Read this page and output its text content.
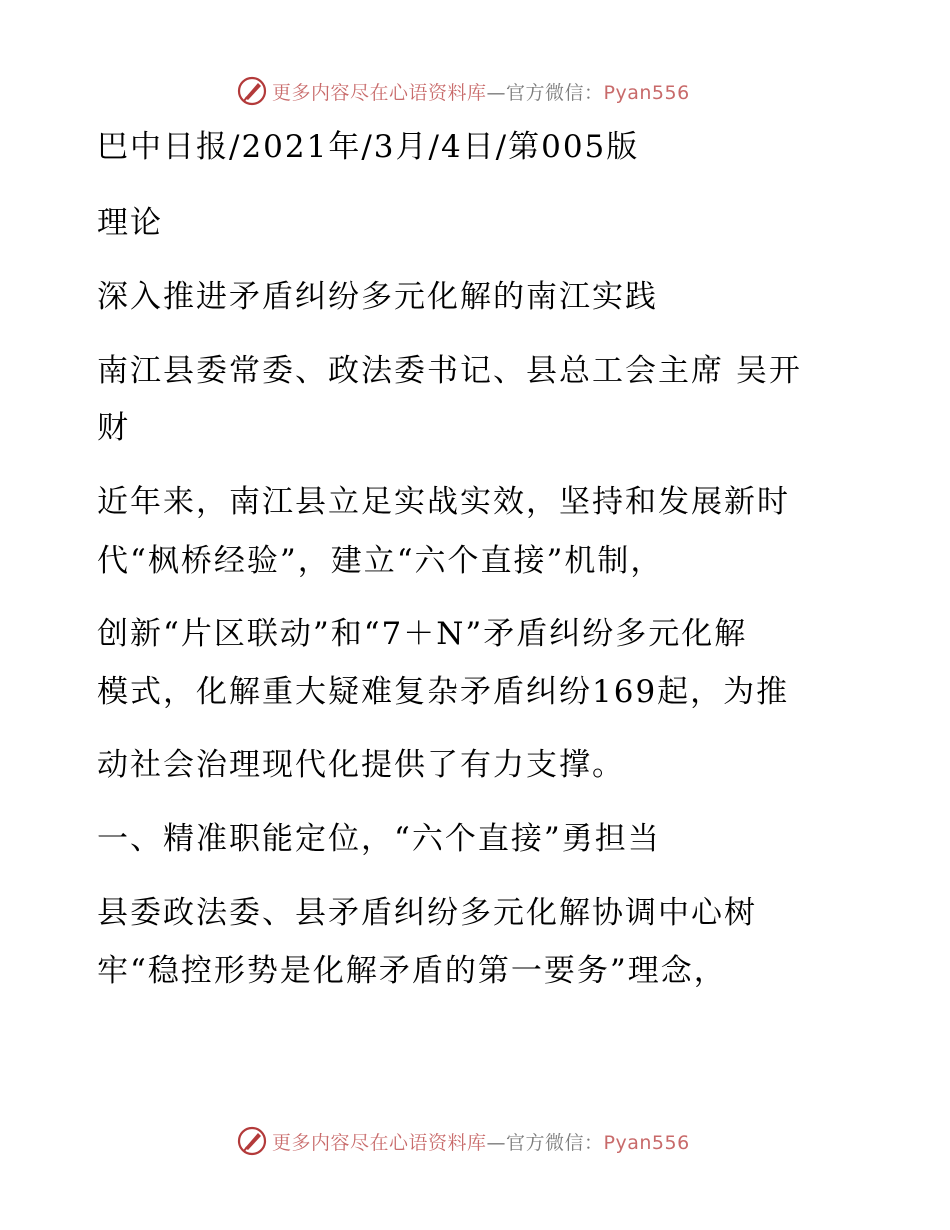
更多内容尽在心语资料库—官方微信：Pyan556
巴中日报/2021年/3月/4日/第005版
理论
深入推进矛盾纠纷多元化解的南江实践
南江县委常委、政法委书记、县总工会主席 吴开
财
近年来，南江县立足实战实效，坚持和发展新时
代“枫桥经验”，建立“六个直接”机制，
创新“片区联动”和“7＋N”矛盾纠纷多元化解
模式，化解重大疑难复杂矛盾纠纷169起，为推
动社会治理现代化提供了有力支撑。
一、精准职能定位，“六个直接”勇担当
县委政法委、县矛盾纠纷多元化解协调中心树
牢“稳控形势是化解矛盾的第一要务”理念，
更多内容尽在心语资料库—官方微信：Pyan556
